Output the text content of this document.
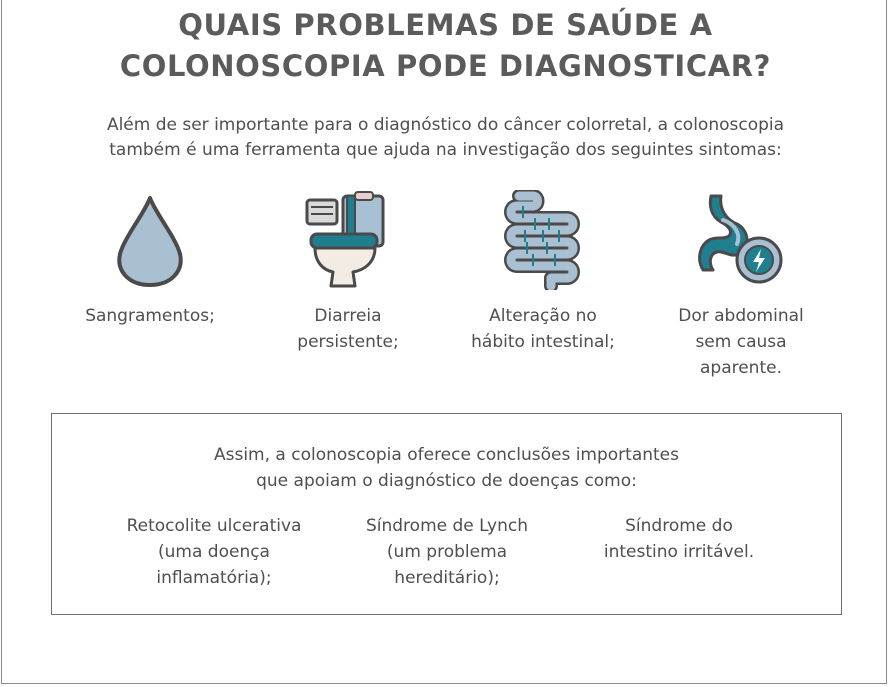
QUAIS PROBLEMAS DE SAÚDE A
COLONOSCOPIA PODE DIAGNOSTICAR?

Além de ser importante para o diagnóstico do câncer colorretal, a colonoscopia
também é uma ferramenta que ajuda na investigação dos seguintes sintomas:

Sangramentos;	Diarreia
persistente;
Alteração no
hábito intestinal;
Dor abdominal
sem causa
aparente.

Assim, a colonoscopia oferece conclusões importantes
que apoiam o diagnóstico de doenças como:

Retocolite ulcerativa
(uma doença
inflamatória);
Síndrome de Lynch
(um problema
hereditário);
Síndrome do
intestino irritável.
